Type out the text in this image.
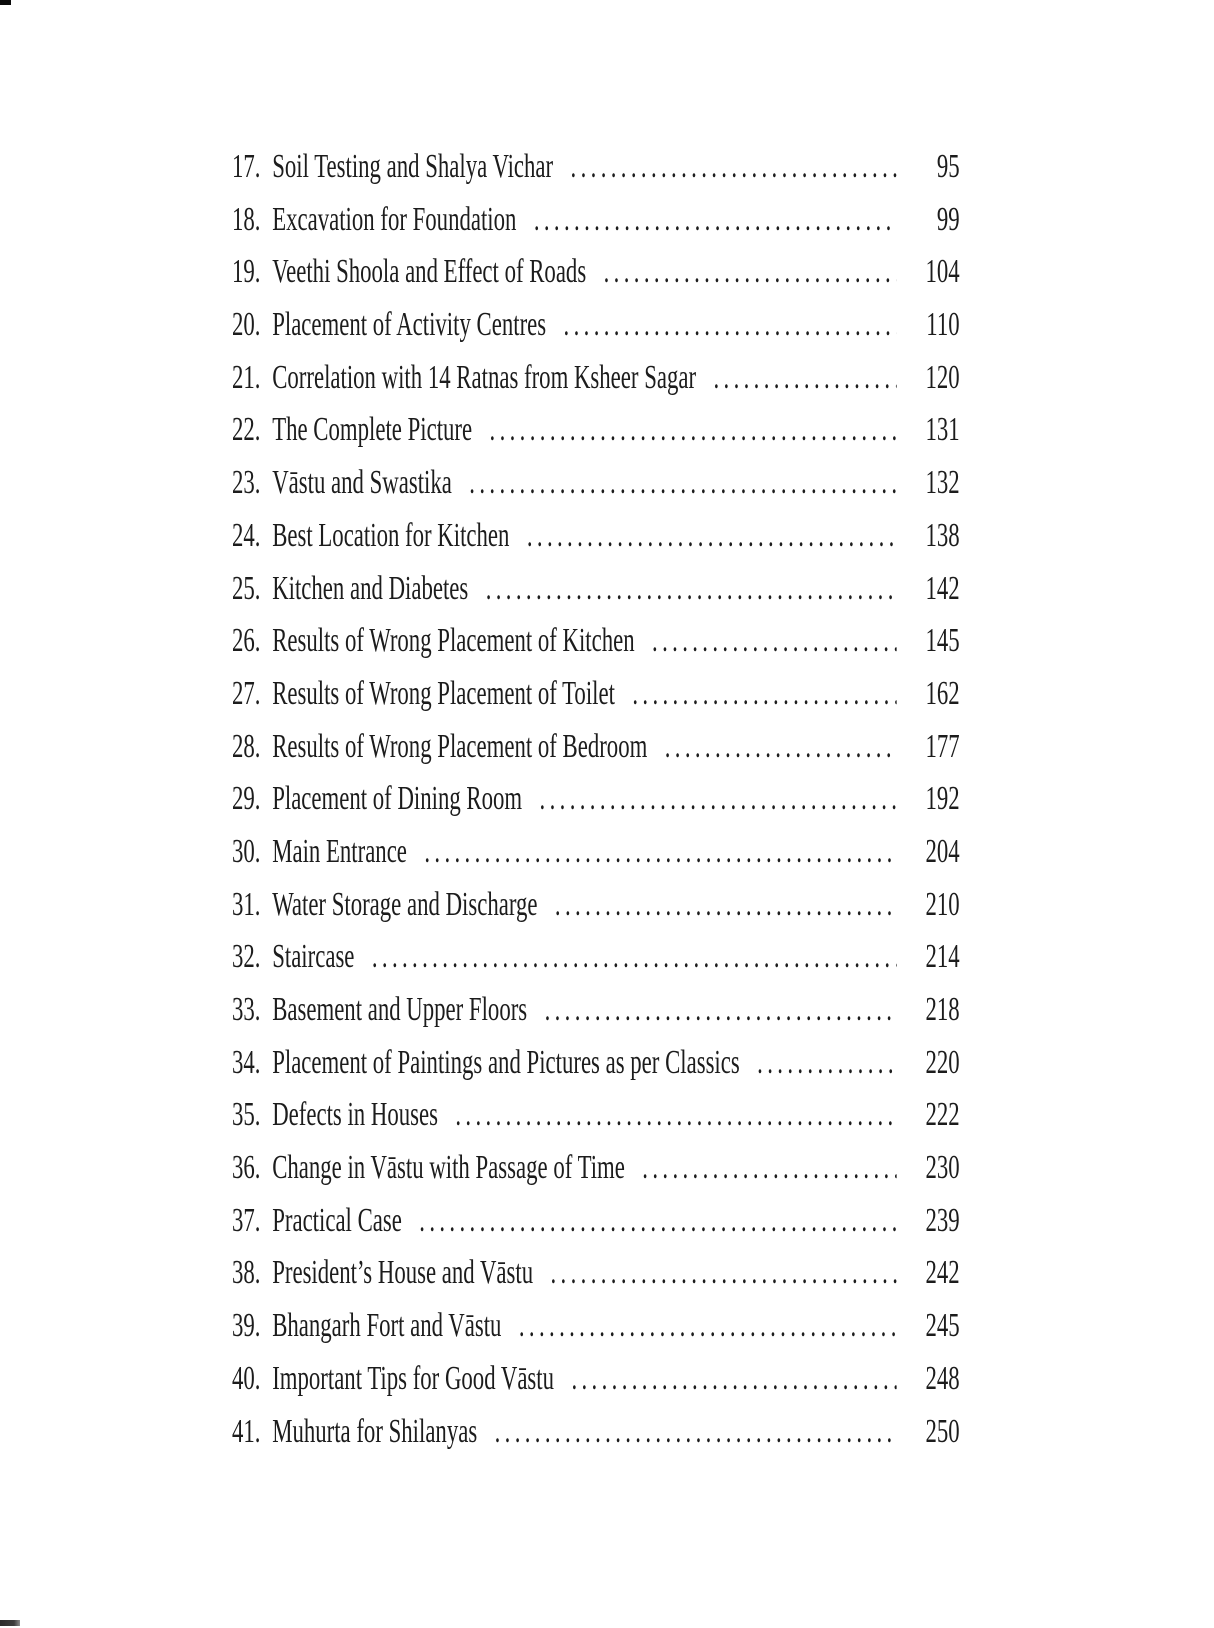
17. Soil Testing and Shalya Vichar .....	95
18. Excavation for Foundation .....	99
19. Veethi Shoola and Effect of Roads .....	104
20. Placement of Activity Centres .....	110
21. Correlation with 14 Ratnas from Ksheer Sagar .....	120
22. The Complete Picture .....	131
23. Vāstu and Swastika .....	132
24. Best Location for Kitchen .....	138
25. Kitchen and Diabetes .....	142
26. Results of Wrong Placement of Kitchen .....	145
27. Results of Wrong Placement of Toilet .....	162
28. Results of Wrong Placement of Bedroom .....	177
29. Placement of Dining Room .....	192
30. Main Entrance .....	204
31. Water Storage and Discharge .....	210
32. Staircase .....	214
33. Basement and Upper Floors .....	218
34. Placement of Paintings and Pictures as per Classics .....	220
35. Defects in Houses .....	222
36. Change in Vāstu with Passage of Time .....	230
37. Practical Case .....	239
38. President’s House and Vāstu .....	242
39. Bhangarh Fort and Vāstu .....	245
40. Important Tips for Good Vāstu .....	248
41. Muhurta for Shilanyas .....	250
